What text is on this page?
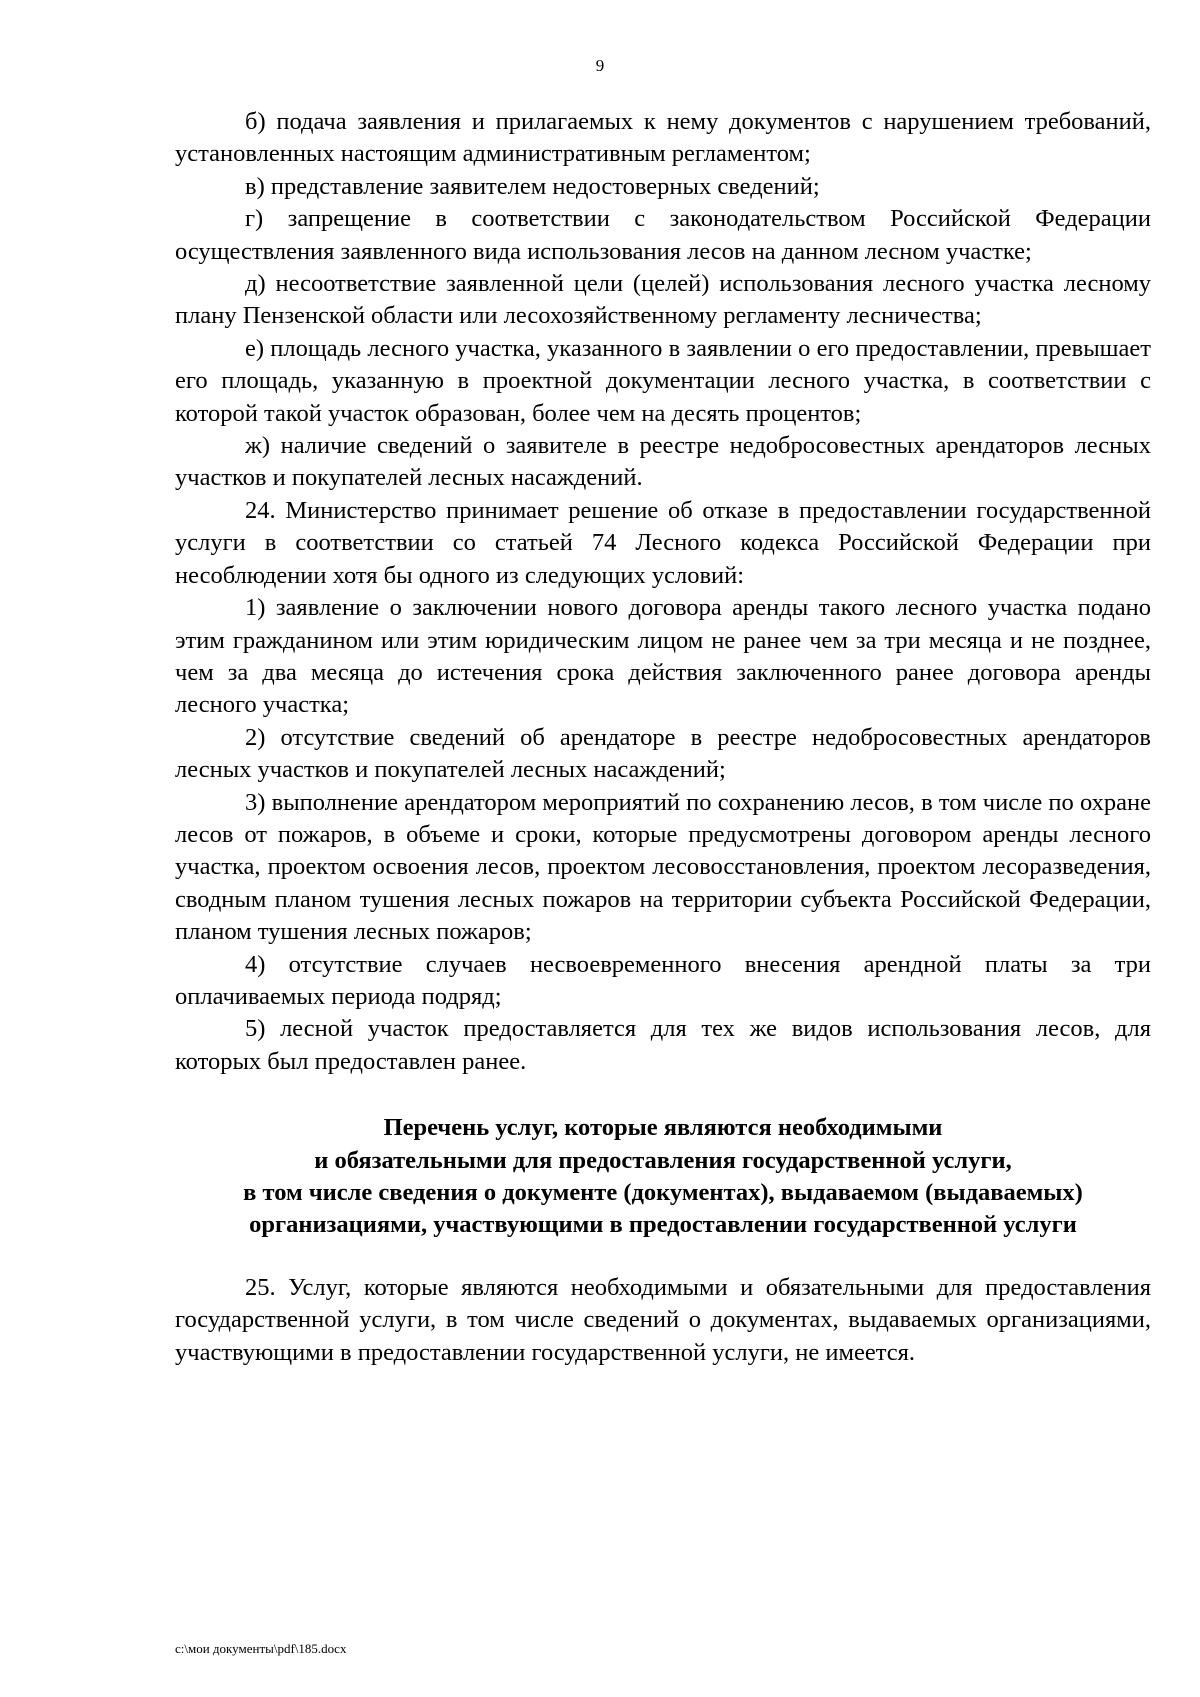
9

б) подача заявления и прилагаемых к нему документов с нарушением требований, установленных настоящим административным регламентом;

в) представление заявителем недостоверных сведений;

г) запрещение в соответствии с законодательством Российской Федерации осуществления заявленного вида использования лесов на данном лесном участке;

д) несоответствие заявленной цели (целей) использования лесного участка лесному плану Пензенской области или лесохозяйственному регламенту лесничества;

е) площадь лесного участка, указанного в заявлении о его предоставлении, превышает его площадь, указанную в проектной документации лесного участка, в соответствии с которой такой участок образован, более чем на десять процентов;

ж) наличие сведений о заявителе в реестре недобросовестных арендаторов лесных участков и покупателей лесных насаждений.

24. Министерство принимает решение об отказе в предоставлении государственной услуги в соответствии со статьей 74 Лесного кодекса Российской Федерации при несоблюдении хотя бы одного из следующих условий:

1) заявление о заключении нового договора аренды такого лесного участка подано этим гражданином или этим юридическим лицом не ранее чем за три месяца и не позднее, чем за два месяца до истечения срока действия заключенного ранее договора аренды лесного участка;

2) отсутствие сведений об арендаторе в реестре недобросовестных арендаторов лесных участков и покупателей лесных насаждений;

3) выполнение арендатором мероприятий по сохранению лесов, в том числе по охране лесов от пожаров, в объеме и сроки, которые предусмотрены договором аренды лесного участка, проектом освоения лесов, проектом лесовосстановления, проектом лесоразведения, сводным планом тушения лесных пожаров на территории субъекта Российской Федерации, планом тушения лесных пожаров;

4) отсутствие случаев несвоевременного внесения арендной платы за три оплачиваемых периода подряд;

5) лесной участок предоставляется для тех же видов использования лесов, для которых был предоставлен ранее.

Перечень услуг, которые являются необходимыми
и обязательными для предоставления государственной услуги,
в том числе сведения о документе (документах), выдаваемом (выдаваемых)
организациями, участвующими в предоставлении государственной услуги

25. Услуг, которые являются необходимыми и обязательными для предоставления государственной услуги, в том числе сведений о документах, выдаваемых организациями, участвующими в предоставлении государственной услуги, не имеется.

c:\мои документы\pdf\185.docx
